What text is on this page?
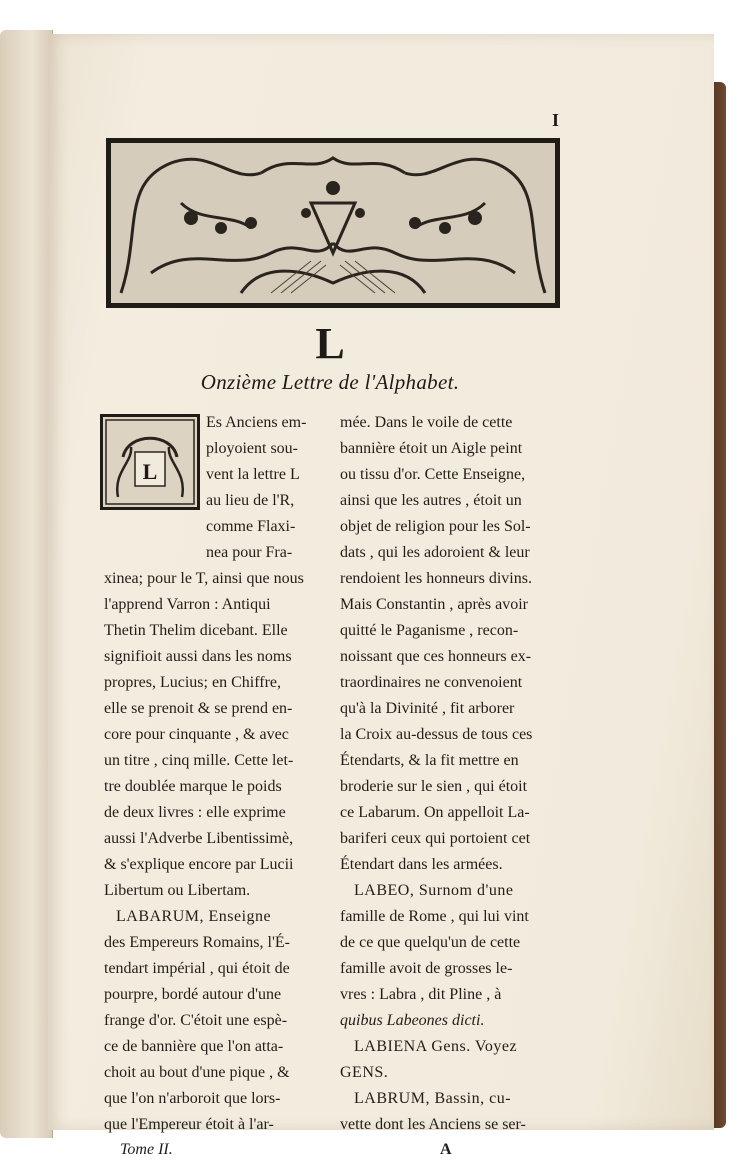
I
L
Onzième Lettre de l'Alphabet.
L
Es Anciens em-
ployoient sou-
vent la lettre L
au lieu de l'R,
comme Flaxi-
nea pour Fra-
xinea; pour le T, ainsi que nous
l'apprend Varron : Antiqui
Thetin Thelim dicebant. Elle
signifioit aussi dans les noms
propres, Lucius; en Chiffre,
elle se prenoit & se prend en-
core pour cinquante , & avec
un titre , cinq mille. Cette let-
tre doublée marque le poids
de deux livres : elle exprime
aussi l'Adverbe Libentissimè,
& s'explique encore par Lucii
Libertum ou Libertam.
LABARUM, Enseigne
des Empereurs Romains, l'É-
tendart impérial , qui étoit de
pourpre, bordé autour d'une
frange d'or. C'étoit une espè-
ce de bannière que l'on atta-
choit au bout d'une pique , &
que l'on n'arboroit que lors-
que l'Empereur étoit à l'ar-
mée. Dans le voile de cette
bannière étoit un Aigle peint
ou tissu d'or. Cette Enseigne,
ainsi que les autres , étoit un
objet de religion pour les Sol-
dats , qui les adoroient & leur
rendoient les honneurs divins.
Mais Constantin , après avoir
quitté le Paganisme , recon-
noissant que ces honneurs ex-
traordinaires ne convenoient
qu'à la Divinité , fit arborer
la Croix au-dessus de tous ces
Étendarts, & la fit mettre en
broderie sur le sien , qui étoit
ce Labarum. On appelloit La-
bariferi ceux qui portoient cet
Étendart dans les armées.
LABEO, Surnom d'une
famille de Rome , qui lui vint
de ce que quelqu'un de cette
famille avoit de grosses le-
vres : Labra , dit Pline , à
quibus Labeones dicti.
LABIENA Gens. Voyez
GENS.
LABRUM, Bassin, cu-
vette dont les Anciens se ser-
Tome II.	A
